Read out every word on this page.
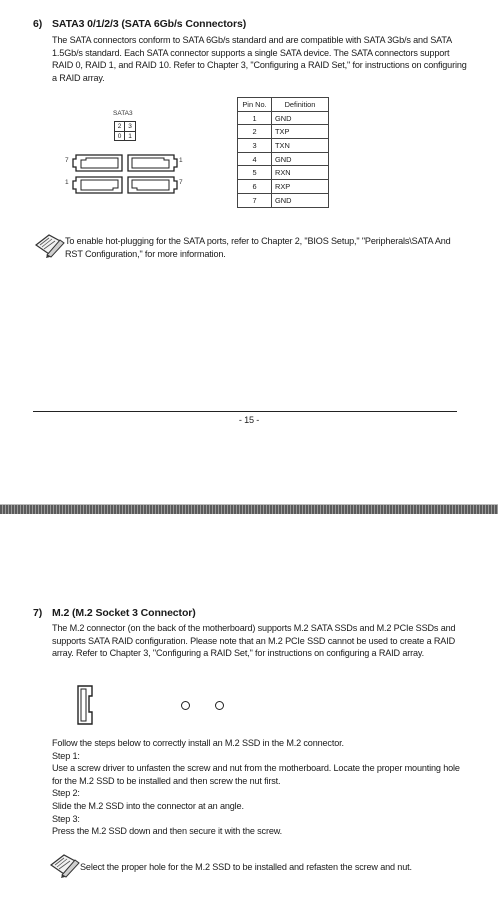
6) SATA3 0/1/2/3 (SATA 6Gb/s Connectors)
The SATA connectors conform to SATA 6Gb/s standard and are compatible with SATA 3Gb/s and SATA
1.5Gb/s standard. Each SATA connector supports a single SATA device. The SATA connectors support
RAID 0, RAID 1, and RAID 10. Refer to Chapter 3, "Configuring a RAID Set," for instructions on configuring
a RAID array.
SATA3
2	3
0	1
7	1
1	7
Pin No.	Definition
1	GND
2	TXP
3	TXN
4	GND
5	RXN
6	RXP
7	GND
To enable hot-plugging for the SATA ports, refer to Chapter 2, "BIOS Setup," "Peripherals\SATA And
RST Configuration," for more information.
- 15 -
7) M.2 (M.2 Socket 3 Connector)
The M.2 connector (on the back of the motherboard) supports M.2 SATA SSDs and M.2 PCIe SSDs and
supports SATA RAID configuration. Please note that an M.2 PCIe SSD cannot be used to create a RAID
array. Refer to Chapter 3, "Configuring a RAID Set," for instructions on configuring a RAID array.
Follow the steps below to correctly install an M.2 SSD in the M.2 connector.
Step 1:
Use a screw driver to unfasten the screw and nut from the motherboard. Locate the proper mounting hole
for the M.2 SSD to be installed and then screw the nut first.
Step 2:
Slide the M.2 SSD into the connector at an angle.
Step 3:
Press the M.2 SSD down and then secure it with the screw.
Select the proper hole for the M.2 SSD to be installed and refasten the screw and nut.
